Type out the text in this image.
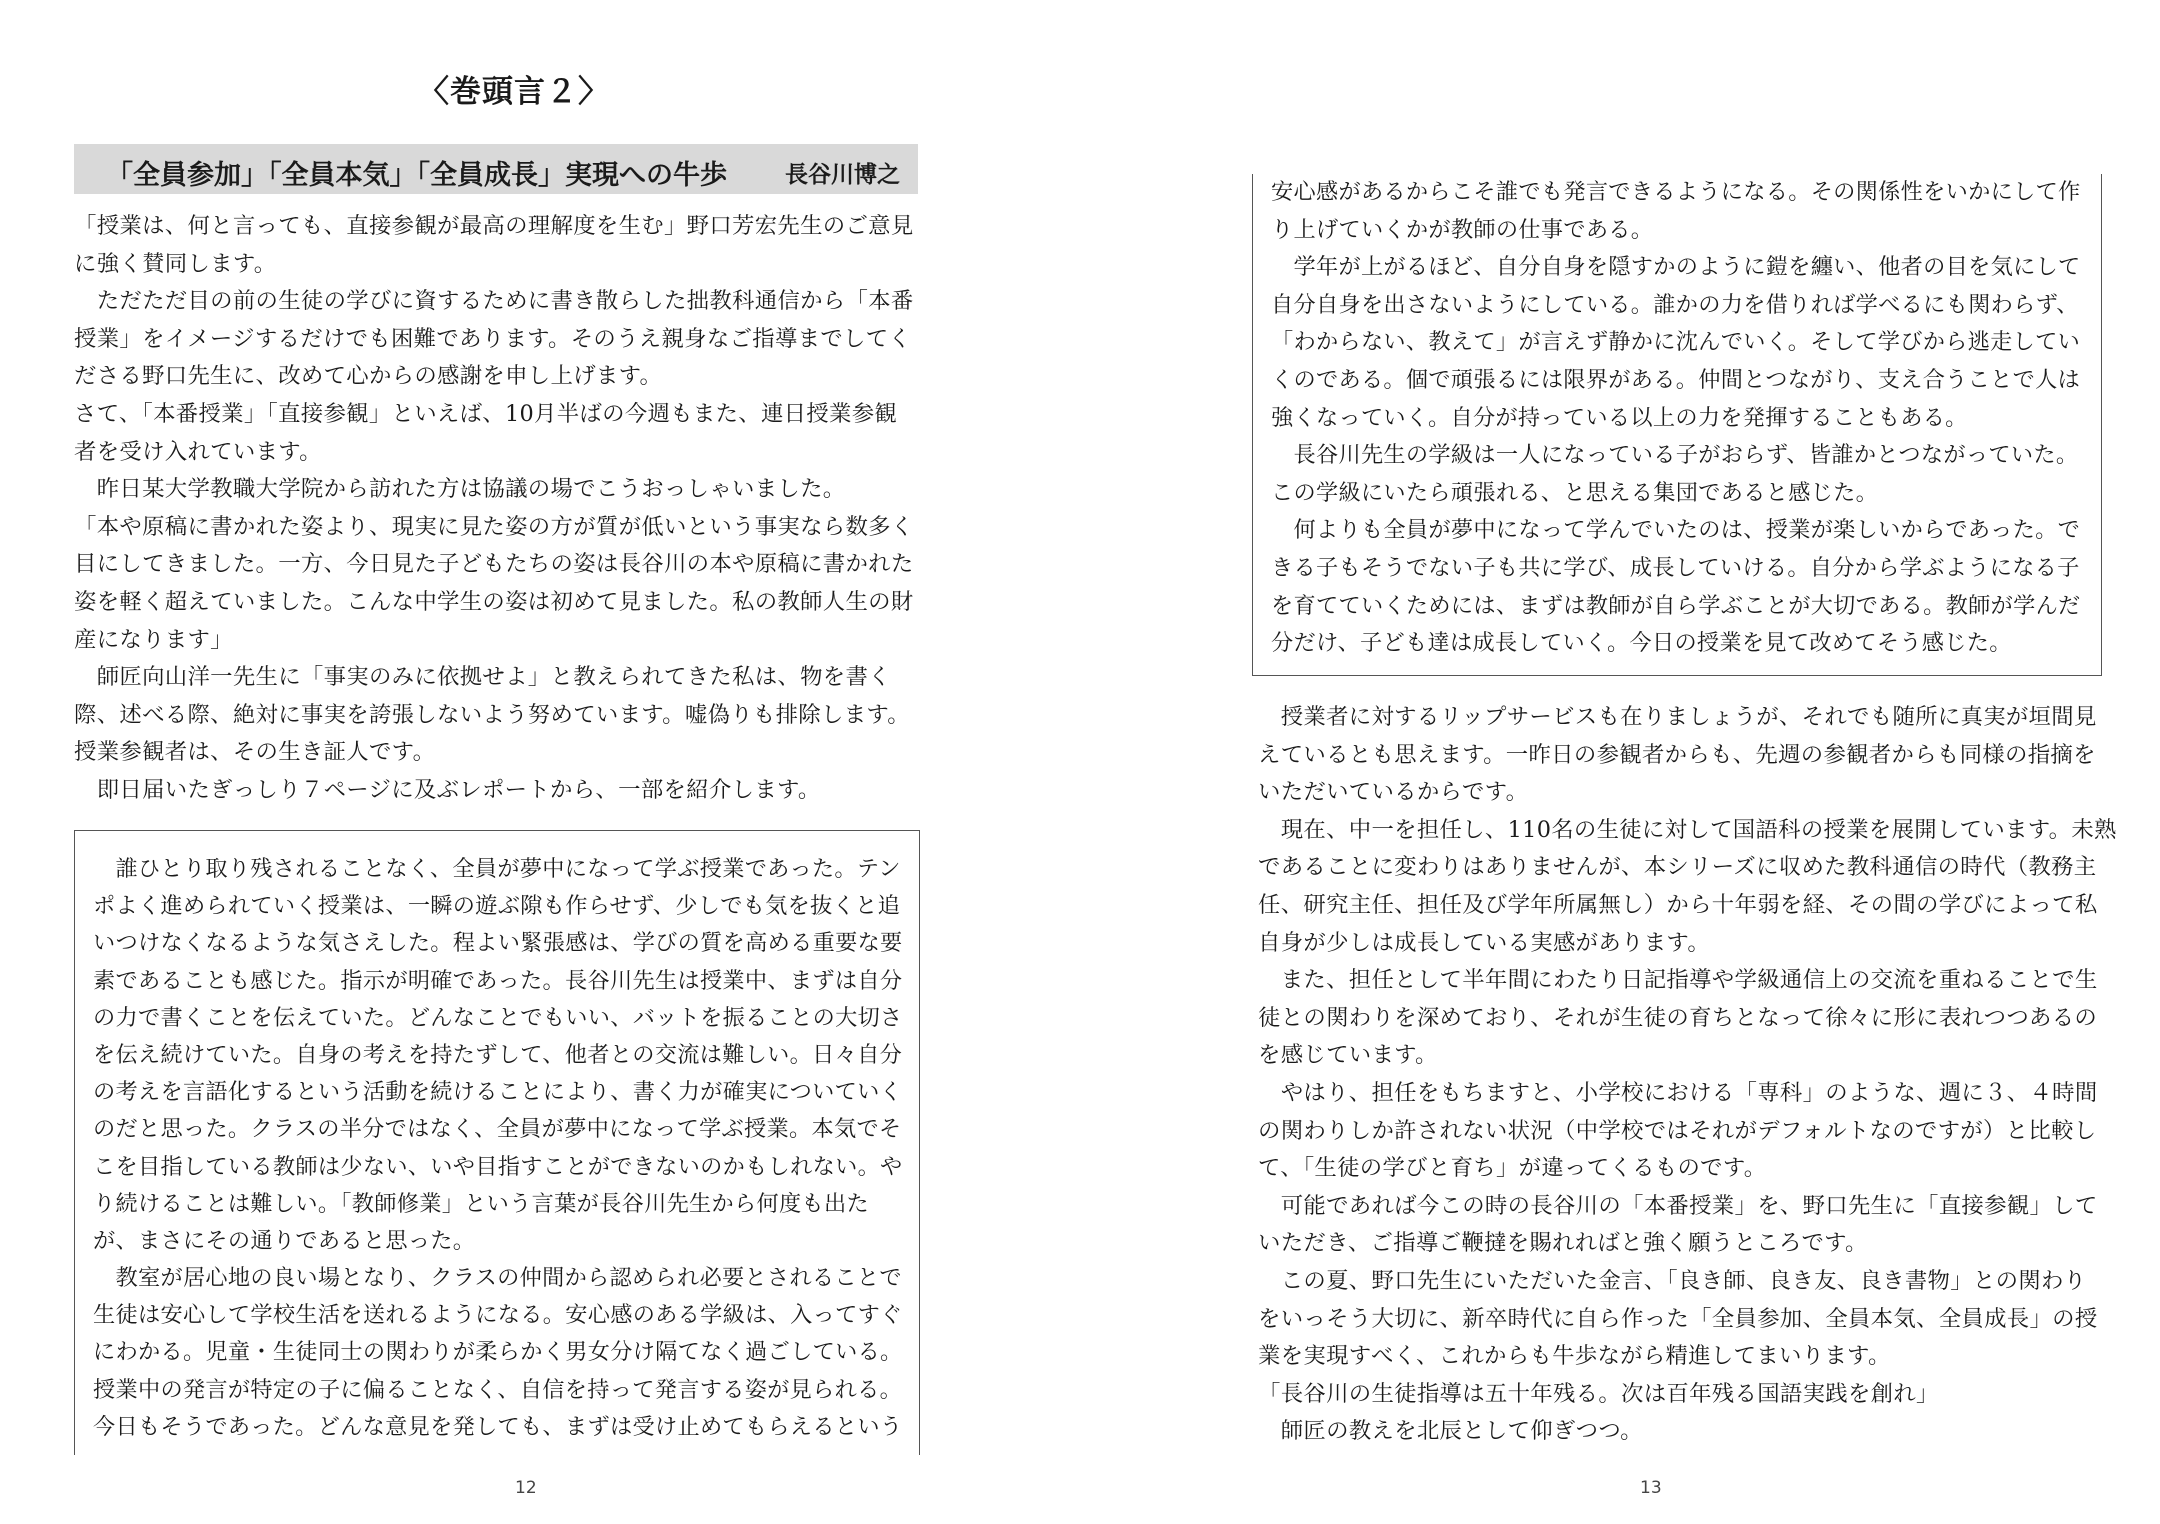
〈巻頭言２〉
「全員参加」「全員本気」「全員成長」実現への牛歩	長谷川博之

「授業は、何と言っても、直接参観が最高の理解度を生む」野口芳宏先生のご意見

に強く賛同します。

　ただただ目の前の生徒の学びに資するために書き散らした拙教科通信から「本番

授業」をイメージするだけでも困難であります。そのうえ親身なご指導までしてく

ださる野口先生に、改めて心からの感謝を申し上げます。

さて、「本番授業」「直接参観」といえば、10月半ばの今週もまた、連日授業参観

者を受け入れています。

　昨日某大学教職大学院から訪れた方は協議の場でこうおっしゃいました。

「本や原稿に書かれた姿より、現実に見た姿の方が質が低いという事実なら数多く

目にしてきました。一方、今日見た子どもたちの姿は長谷川の本や原稿に書かれた

姿を軽く超えていました。こんな中学生の姿は初めて見ました。私の教師人生の財

産になります」

　師匠向山洋一先生に「事実のみに依拠せよ」と教えられてきた私は、物を書く

際、述べる際、絶対に事実を誇張しないよう努めています。嘘偽りも排除します。

授業参観者は、その生き証人です。

　即日届いたぎっしり７ページに及ぶレポートから、一部を紹介します。

　誰ひとり取り残されることなく、全員が夢中になって学ぶ授業であった。テン

ポよく進められていく授業は、一瞬の遊ぶ隙も作らせず、少しでも気を抜くと追

いつけなくなるような気さえした。程よい緊張感は、学びの質を高める重要な要

素であることも感じた。指示が明確であった。長谷川先生は授業中、まずは自分

の力で書くことを伝えていた。どんなことでもいい、バットを振ることの大切さ

を伝え続けていた。自身の考えを持たずして、他者との交流は難しい。日々自分

の考えを言語化するという活動を続けることにより、書く力が確実についていく

のだと思った。クラスの半分ではなく、全員が夢中になって学ぶ授業。本気でそ

こを目指している教師は少ない、いや目指すことができないのかもしれない。や

り続けることは難しい。「教師修業」という言葉が長谷川先生から何度も出た

が、まさにその通りであると思った。

　教室が居心地の良い場となり、クラスの仲間から認められ必要とされることで

生徒は安心して学校生活を送れるようになる。安心感のある学級は、入ってすぐ

にわかる。児童・生徒同士の関わりが柔らかく男女分け隔てなく過ごしている。

授業中の発言が特定の子に偏ることなく、自信を持って発言する姿が見られる。

今日もそうであった。どんな意見を発しても、まずは受け止めてもらえるという

12

安心感があるからこそ誰でも発言できるようになる。その関係性をいかにして作

り上げていくかが教師の仕事である。

　学年が上がるほど、自分自身を隠すかのように鎧を纏い、他者の目を気にして

自分自身を出さないようにしている。誰かの力を借りれば学べるにも関わらず、

「わからない、教えて」が言えず静かに沈んでいく。そして学びから逃走してい

くのである。個で頑張るには限界がある。仲間とつながり、支え合うことで人は

強くなっていく。自分が持っている以上の力を発揮することもある。

　長谷川先生の学級は一人になっている子がおらず、皆誰かとつながっていた。

この学級にいたら頑張れる、と思える集団であると感じた。

　何よりも全員が夢中になって学んでいたのは、授業が楽しいからであった。で

きる子もそうでない子も共に学び、成長していける。自分から学ぶようになる子

を育てていくためには、まずは教師が自ら学ぶことが大切である。教師が学んだ

分だけ、子ども達は成長していく。今日の授業を見て改めてそう感じた。

　授業者に対するリップサービスも在りましょうが、それでも随所に真実が垣間見

えているとも思えます。一昨日の参観者からも、先週の参観者からも同様の指摘を

いただいているからです。

　現在、中一を担任し、110名の生徒に対して国語科の授業を展開しています。未熟

であることに変わりはありませんが、本シリーズに収めた教科通信の時代（教務主

任、研究主任、担任及び学年所属無し）から十年弱を経、その間の学びによって私

自身が少しは成長している実感があります。

　また、担任として半年間にわたり日記指導や学級通信上の交流を重ねることで生

徒との関わりを深めており、それが生徒の育ちとなって徐々に形に表れつつあるの

を感じています。

　やはり、担任をもちますと、小学校における「専科」のような、週に３、４時間

の関わりしか許されない状況（中学校ではそれがデフォルトなのですが）と比較し

て、「生徒の学びと育ち」が違ってくるものです。

　可能であれば今この時の長谷川の「本番授業」を、野口先生に「直接参観」して

いただき、ご指導ご鞭撻を賜れればと強く願うところです。

　この夏、野口先生にいただいた金言、「良き師、良き友、良き書物」との関わり

をいっそう大切に、新卒時代に自ら作った「全員参加、全員本気、全員成長」の授

業を実現すべく、これからも牛歩ながら精進してまいります。

「長谷川の生徒指導は五十年残る。次は百年残る国語実践を創れ」

　師匠の教えを北辰として仰ぎつつ。

13
